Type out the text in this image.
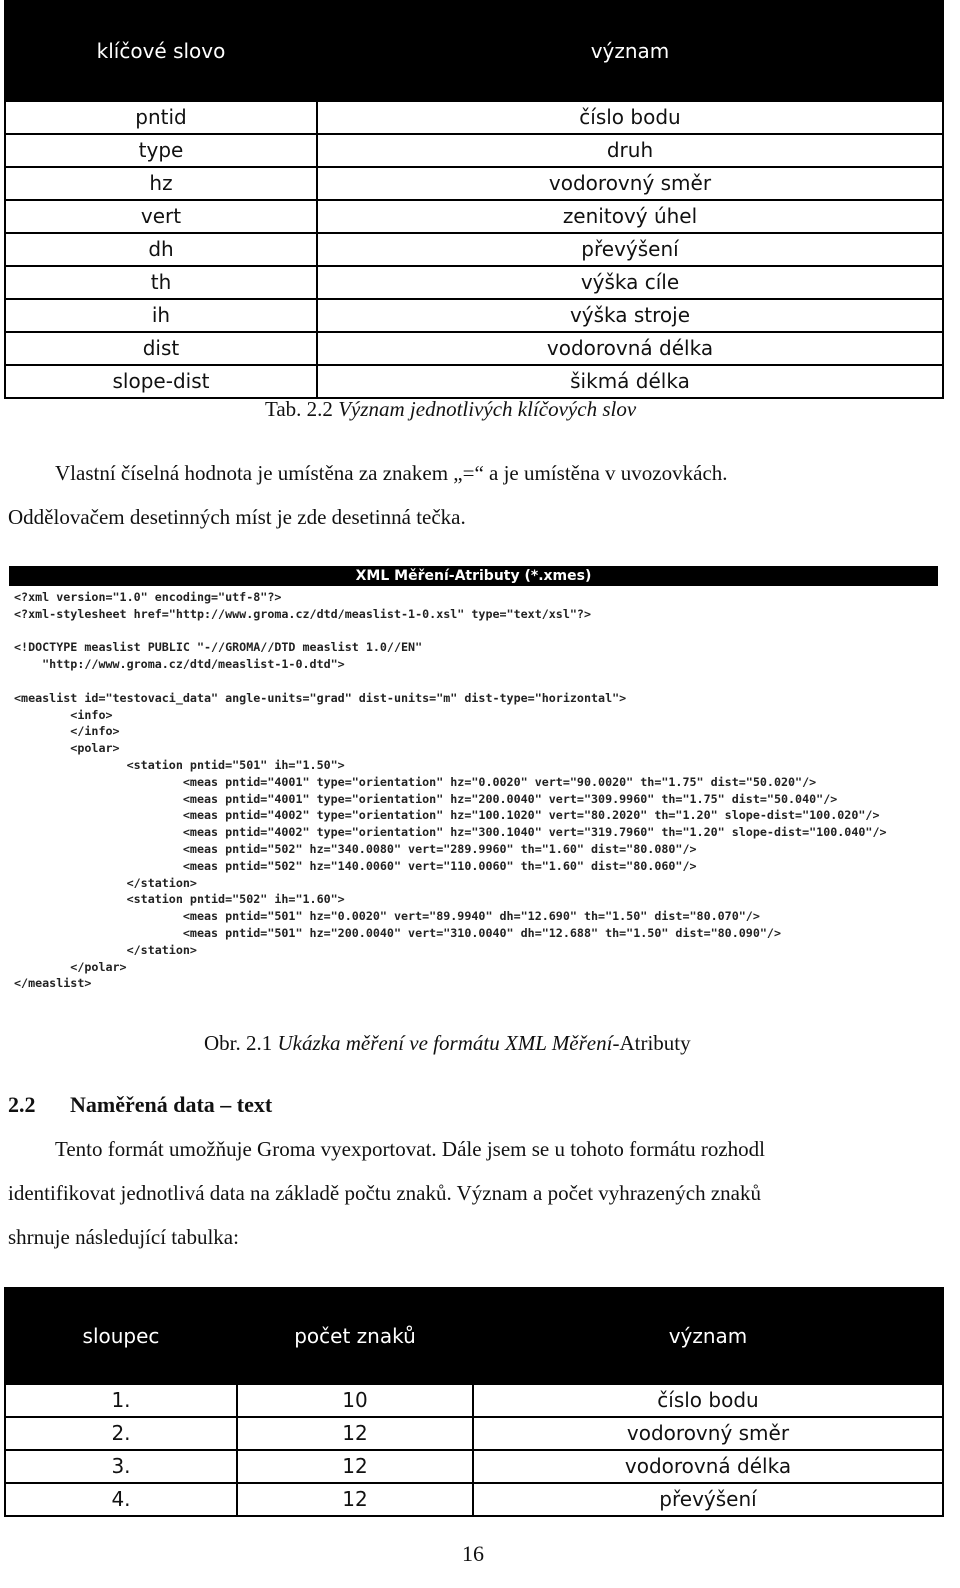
klíčové slovo	význam
pntid	číslo bodu
type	druh
hz	vodorovný směr
vert	zenitový úhel
dh	převýšení
th	výška cíle
ih	výška stroje
dist	vodorovná délka
slope-dist	šikmá délka
Tab. 2.2 Význam jednotlivých klíčových slov
Vlastní číselná hodnota je umístěna za znakem „=“ a je umístěna v uvozovkách.
Oddělovačem desetinných míst je zde desetinná tečka.
XML Měření-Atributy (*.xmes)
<?xml version="1.0" encoding="utf-8"?>
<?xml-stylesheet href="http://www.groma.cz/dtd/measlist-1-0.xsl" type="text/xsl"?>
<!DOCTYPE measlist PUBLIC "-//GROMA//DTD measlist 1.0//EN"
"http://www.groma.cz/dtd/measlist-1-0.dtd">
<measlist id="testovaci_data" angle-units="grad" dist-units="m" dist-type="horizontal">
<info>
</info>
<polar>
<station pntid="501" ih="1.50">
<meas pntid="4001" type="orientation" hz="0.0020" vert="90.0020" th="1.75" dist="50.020"/>
<meas pntid="4001" type="orientation" hz="200.0040" vert="309.9960" th="1.75" dist="50.040"/>
<meas pntid="4002" type="orientation" hz="100.1020" vert="80.2020" th="1.20" slope-dist="100.020"/>
<meas pntid="4002" type="orientation" hz="300.1040" vert="319.7960" th="1.20" slope-dist="100.040"/>
<meas pntid="502" hz="340.0080" vert="289.9960" th="1.60" dist="80.080"/>
<meas pntid="502" hz="140.0060" vert="110.0060" th="1.60" dist="80.060"/>
</station>
<station pntid="502" ih="1.60">
<meas pntid="501" hz="0.0020" vert="89.9940" dh="12.690" th="1.50" dist="80.070"/>
<meas pntid="501" hz="200.0040" vert="310.0040" dh="12.688" th="1.50" dist="80.090"/>
</station>
</polar>
</measlist>
Obr. 2.1 Ukázka měření ve formátu XML Měření-Atributy
2.2 Naměřená data – text
Tento formát umožňuje Groma vyexportovat. Dále jsem se u tohoto formátu rozhodl
identifikovat jednotlivá data na základě počtu znaků. Význam a počet vyhrazených znaků
shrnuje následující tabulka:
sloupec	počet znaků	význam
1.	10	číslo bodu
2.	12	vodorovný směr
3.	12	vodorovná délka
4.	12	převýšení
16
